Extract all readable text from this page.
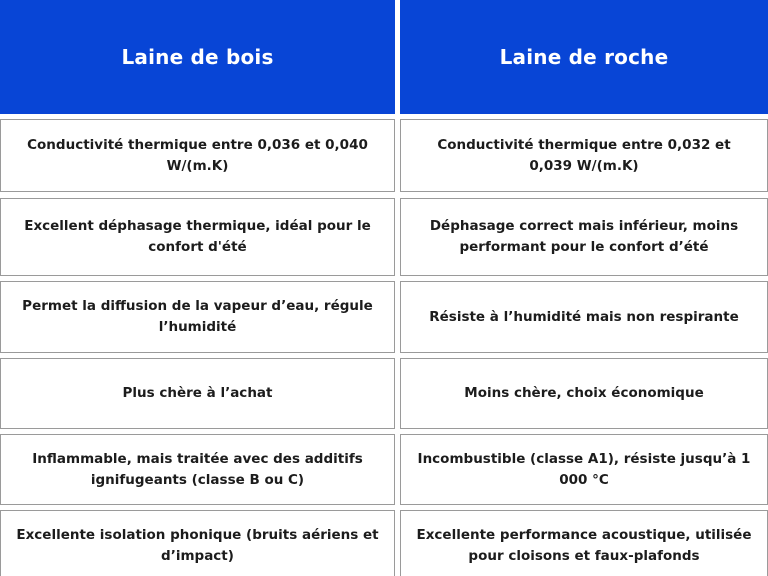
Laine de bois	Laine de roche
Conductivité thermique entre 0,036 et 0,040 W/(m.K)
Conductivité thermique entre 0,032 et 0,039 W/(m.K)
Excellent déphasage thermique, idéal pour le confort d'été
Déphasage correct mais inférieur, moins performant pour le confort d’été
Permet la diffusion de la vapeur d’eau, régule l’humidité
Résiste à l’humidité mais non respirante
Plus chère à l’achat	Moins chère, choix économique
Inflammable, mais traitée avec des additifs ignifugeants (classe B ou C)
Incombustible (classe A1), résiste jusqu’à 1 000 °C
Excellente isolation phonique (bruits aériens et d’impact)
Excellente performance acoustique, utilisée pour cloisons et faux-plafonds
